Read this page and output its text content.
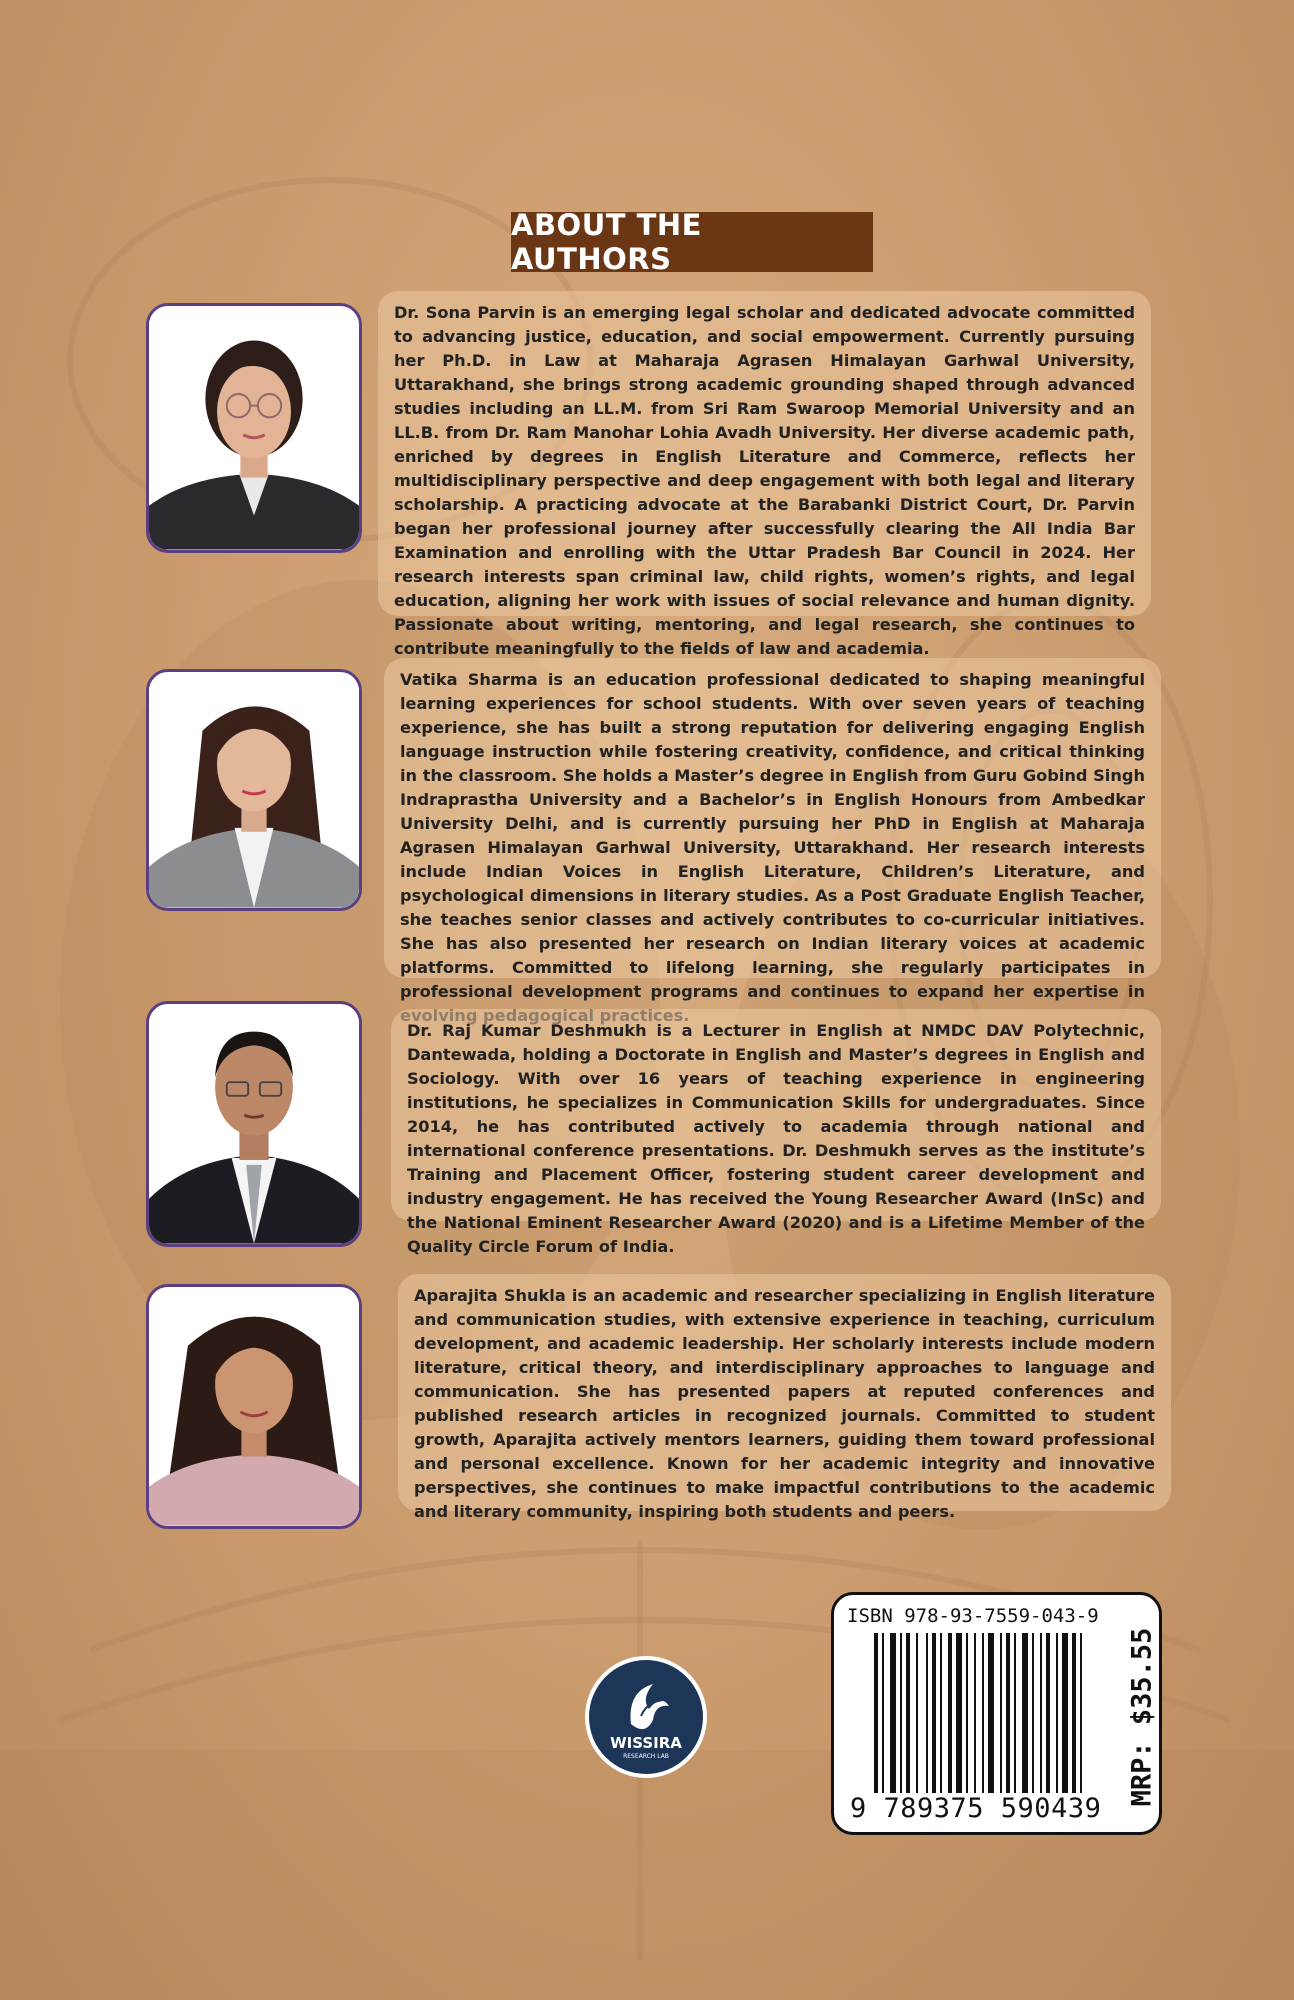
ABOUT THE AUTHORS

Dr. Sona Parvin is an emerging legal scholar and dedicated advocate committed to advancing justice, education, and social empowerment. Currently pursuing her Ph.D. in Law at Maharaja Agrasen Himalayan Garhwal University, Uttarakhand, she brings strong academic grounding shaped through advanced studies including an LL.M. from Sri Ram Swaroop Memorial University and an LL.B. from Dr. Ram Manohar Lohia Avadh University. Her diverse academic path, enriched by degrees in English Literature and Commerce, reflects her multidisciplinary perspective and deep engagement with both legal and literary scholarship. A practicing advocate at the Barabanki District Court, Dr. Parvin began her professional journey after successfully clearing the All India Bar Examination and enrolling with the Uttar Pradesh Bar Council in 2024. Her research interests span criminal law, child rights, women’s rights, and legal education, aligning her work with issues of social relevance and human dignity. Passionate about writing, mentoring, and legal research, she continues to contribute meaningfully to the fields of law and academia.

Vatika Sharma is an education professional dedicated to shaping meaningful learning experiences for school students. With over seven years of teaching experience, she has built a strong reputation for delivering engaging English language instruction while fostering creativity, confidence, and critical thinking in the classroom. She holds a Master’s degree in English from Guru Gobind Singh Indraprastha University and a Bachelor’s in English Honours from Ambedkar University Delhi, and is currently pursuing her PhD in English at Maharaja Agrasen Himalayan Garhwal University, Uttarakhand. Her research interests include Indian Voices in English Literature, Children’s Literature, and psychological dimensions in literary studies. As a Post Graduate English Teacher, she teaches senior classes and actively contributes to co-curricular initiatives. She has also presented her research on Indian literary voices at academic platforms. Committed to lifelong learning, she regularly participates in professional development programs and continues to expand her expertise in

Dr. Raj Kumar Deshmukh is a Lecturer in English at NMDC DAV Polytechnic, Dantewada, holding a Doctorate in English and Master’s degrees in English and Sociology. With over 16 years of teaching experience in engineering institutions, he specializes in Communication Skills for undergraduates. Since 2014, he has contributed actively to academia through national and international conference presentations. Dr. Deshmukh serves as the institute’s Training and Placement Officer, fostering student career development and industry engagement. He has received the Young Researcher Award (InSc) and the National Eminent Researcher Award (2020) and is a Lifetime Member of the Quality Circle Forum of India.

Aparajita Shukla is an academic and researcher specializing in English literature and communication studies, with extensive experience in teaching, curriculum development, and academic leadership. Her scholarly interests include modern literature, critical theory, and interdisciplinary approaches to language and communication. She has presented papers at reputed conferences and published research articles in recognized journals. Committed to student growth, Aparajita actively mentors learners, guiding them toward professional and personal excellence. Known for her academic integrity and innovative perspectives, she continues to make impactful contributions to the academic and literary community, inspiring both students and peers.

WISSIRA
RESEARCH LAB
ISBN 978-93-7559-043-9
9 789375 590439
MRP: $35.55
